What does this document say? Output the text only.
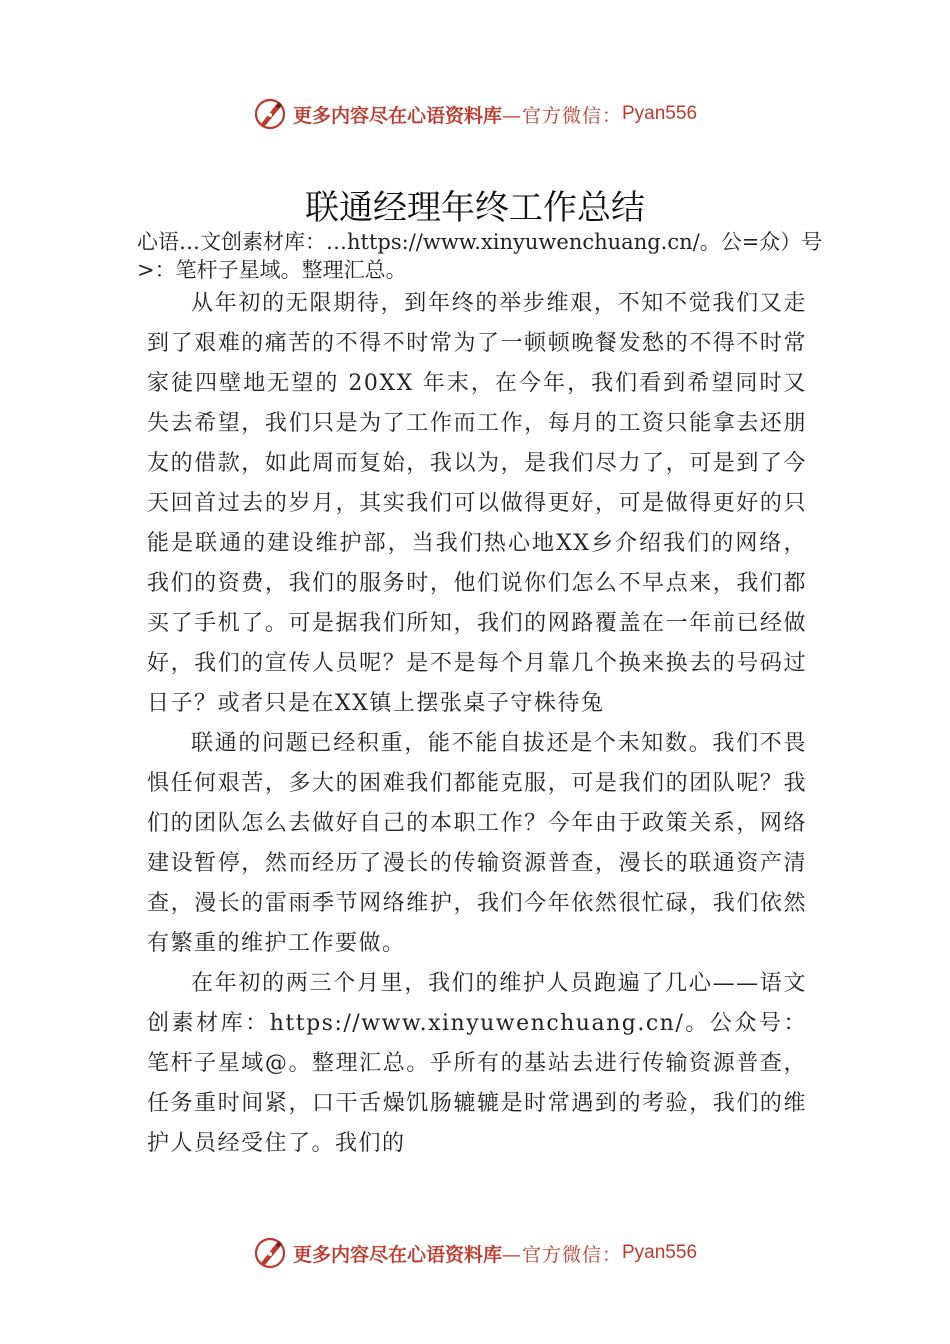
更多内容尽在心语资料库 —官方微信： Pyan556
联通经理年终工作总结
心语…文创素材库：…https://www.xinyuwenchuang.cn/。公=众）号>：笔杆子星域。整理汇总。

从年初的无限期待，到年终的举步维艰，不知不觉我们又走到了艰难的痛苦的不得不时常为了一顿顿晚餐发愁的不得不时常家徒四壁地无望的 20XX 年末，在今年，我们看到希望同时又失去希望，我们只是为了工作而工作，每月的工资只能拿去还朋友的借款，如此周而复始，我以为，是我们尽力了，可是到了今天回首过去的岁月，其实我们可以做得更好，可是做得更好的只能是联通的建设维护部，当我们热心地XX乡介绍我们的网络，我们的资费，我们的服务时，他们说你们怎么不早点来，我们都买了手机了。可是据我们所知，我们的网路覆盖在一年前已经做好，我们的宣传人员呢？是不是每个月靠几个换来换去的号码过日子？或者只是在XX镇上摆张桌子守株待兔

联通的问题已经积重，能不能自拔还是个未知数。我们不畏惧任何艰苦，多大的困难我们都能克服，可是我们的团队呢？我们的团队怎么去做好自己的本职工作？今年由于政策关系，网络建设暂停，然而经历了漫长的传输资源普查，漫长的联通资产清查，漫长的雷雨季节网络维护，我们今年依然很忙碌，我们依然有繁重的维护工作要做。

在年初的两三个月里，我们的维护人员跑遍了几心——语文创素材库：https://www.xinyuwenchuang.cn/。公众号：笔杆子星域@。整理汇总。乎所有的基站去进行传输资源普查，任务重时间紧，口干舌燥饥肠辘辘是时常遇到的考验，我们的维护人员经受住了。我们的

更多内容尽在心语资料库 —官方微信： Pyan556
